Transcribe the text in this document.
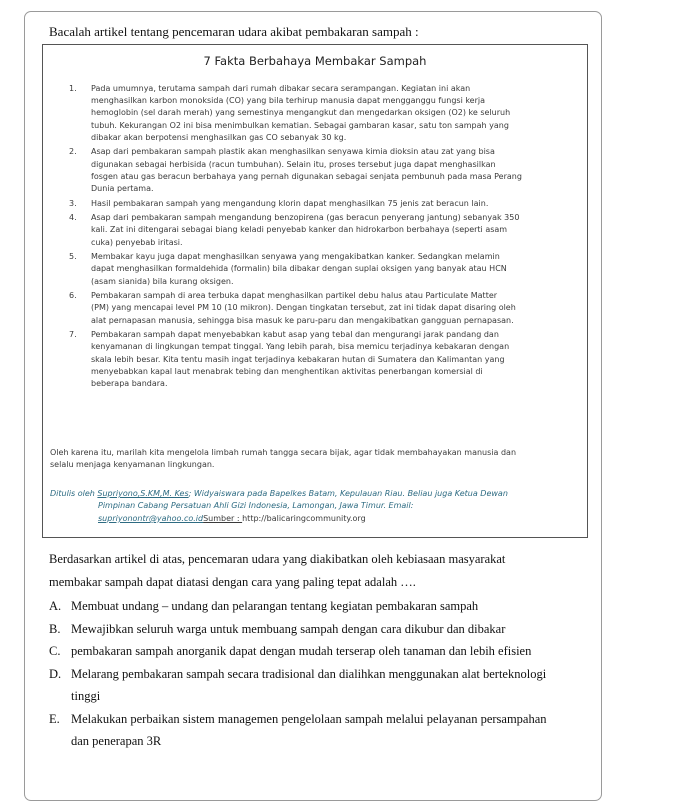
Bacalah artikel tentang pencemaran udara akibat pembakaran sampah :
7 Fakta Berbahaya Membakar Sampah
1. Pada umumnya, terutama sampah dari rumah dibakar secara serampangan. Kegiatan ini akan
menghasilkan karbon monoksida (CO) yang bila terhirup manusia dapat mengganggu fungsi kerja
hemoglobin (sel darah merah) yang semestinya mengangkut dan mengedarkan oksigen (O2) ke seluruh
tubuh. Kekurangan O2 ini bisa menimbulkan kematian. Sebagai gambaran kasar, satu ton sampah yang
dibakar akan berpotensi menghasilkan gas CO sebanyak 30 kg.
2. Asap dari pembakaran sampah plastik akan menghasilkan senyawa kimia dioksin atau zat yang bisa
digunakan sebagai herbisida (racun tumbuhan). Selain itu, proses tersebut juga dapat menghasilkan
fosgen atau gas beracun berbahaya yang pernah digunakan sebagai senjata pembunuh pada masa Perang
Dunia pertama.
3. Hasil pembakaran sampah yang mengandung klorin dapat menghasilkan 75 jenis zat beracun lain.
4. Asap dari pembakaran sampah mengandung benzopirena (gas beracun penyerang jantung) sebanyak 350
kali. Zat ini ditengarai sebagai biang keladi penyebab kanker dan hidrokarbon berbahaya (seperti asam
cuka) penyebab iritasi.
5. Membakar kayu juga dapat menghasilkan senyawa yang mengakibatkan kanker. Sedangkan melamin
dapat menghasilkan formaldehida (formalin) bila dibakar dengan suplai oksigen yang banyak atau HCN
(asam sianida) bila kurang oksigen.
6. Pembakaran sampah di area terbuka dapat menghasilkan partikel debu halus atau Particulate Matter
(PM) yang mencapai level PM 10 (10 mikron). Dengan tingkatan tersebut, zat ini tidak dapat disaring oleh
alat pernapasan manusia, sehingga bisa masuk ke paru-paru dan mengakibatkan gangguan pernapasan.
7. Pembakaran sampah dapat menyebabkan kabut asap yang tebal dan mengurangi jarak pandang dan
kenyamanan di lingkungan tempat tinggal. Yang lebih parah, bisa memicu terjadinya kebakaran dengan
skala lebih besar. Kita tentu masih ingat terjadinya kebakaran hutan di Sumatera dan Kalimantan yang
menyebabkan kapal laut menabrak tebing dan menghentikan aktivitas penerbangan komersial di
beberapa bandara.
Oleh karena itu, marilah kita mengelola limbah rumah tangga secara bijak, agar tidak membahayakan manusia dan
selalu menjaga kenyamanan lingkungan.
Ditulis oleh Supriyono,S.KM,M. Kes; Widyaiswara pada Bapelkes Batam, Kepulauan Riau. Beliau juga Ketua Dewan
Pimpinan Cabang Persatuan Ahli Gizi Indonesia, Lamongan, Jawa Timur. Email:
supriyonontr@yahoo.co.idSumber : http://balicaringcommunity.org
Berdasarkan artikel di atas, pencemaran udara yang diakibatkan oleh kebiasaan masyarakat
membakar sampah dapat diatasi dengan cara yang paling tepat adalah ….
A. Membuat undang – undang dan pelarangan tentang kegiatan pembakaran sampah
B. Mewajibkan seluruh warga untuk membuang sampah dengan cara dikubur dan dibakar
C. pembakaran sampah anorganik dapat dengan mudah terserap oleh tanaman dan lebih efisien
D. Melarang pembakaran sampah secara tradisional dan dialihkan menggunakan alat berteknologi
tinggi
E. Melakukan perbaikan sistem managemen pengelolaan sampah melalui pelayanan persampahan
dan penerapan 3R
